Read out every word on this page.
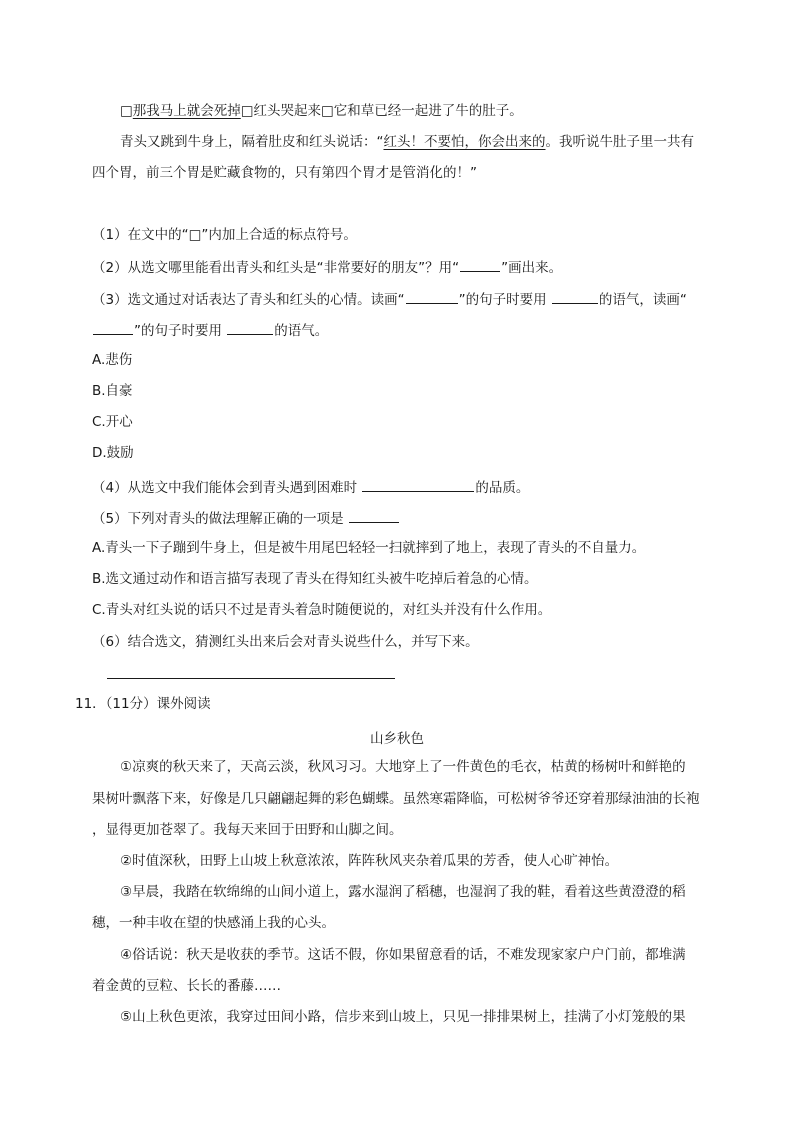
□那我马上就会死掉□红头哭起来□它和草已经一起进了牛的肚子。
青头又跳到牛身上，隔着肚皮和红头说话：“红头！不要怕，你会出来的。我听说牛肚子里一共有
四个胃，前三个胃是贮藏食物的，只有第四个胃才是管消化的！”
（1）在文中的“□”内加上合适的标点符号。
（2）从选文哪里能看出青头和红头是“非常要好的朋友”？用“	”画出来。
（3）选文通过对话表达了青头和红头的心情。读画“	”的句子时要用	的语气，读画“
”的句子时要用	的语气。
A.悲伤
B.自豪
C.开心
D.鼓励
（4）从选文中我们能体会到青头遇到困难时	的品质。
（5）下列对青头的做法理解正确的一项是
A.青头一下子蹦到牛身上，但是被牛用尾巴轻轻一扫就摔到了地上，表现了青头的不自量力。
B.选文通过动作和语言描写表现了青头在得知红头被牛吃掉后着急的心情。
C.青头对红头说的话只不过是青头着急时随便说的，对红头并没有什么作用。
（6）结合选文，猜测红头出来后会对青头说些什么，并写下来。
11．（11分）课外阅读
山乡秋色
①凉爽的秋天来了，天高云淡，秋风习习。大地穿上了一件黄色的毛衣，枯黄的杨树叶和鲜艳的
果树叶飘落下来，好像是几只翩翩起舞的彩色蝴蝶。虽然寒霜降临，可松树爷爷还穿着那绿油油的长袍
，显得更加苍翠了。我每天来回于田野和山脚之间。
②时值深秋，田野上山坡上秋意浓浓，阵阵秋风夹杂着瓜果的芳香，使人心旷神怡。
③早晨，我踏在软绵绵的山间小道上，露水湿润了稻穗，也湿润了我的鞋，看着这些黄澄澄的稻
穗，一种丰收在望的快感涌上我的心头。
④俗话说：秋天是收获的季节。这话不假，你如果留意看的话，不难发现家家户户门前，都堆满
着金黄的豆粒、长长的番藤……
⑤山上秋色更浓，我穿过田间小路，信步来到山坡上，只见一排排果树上，挂满了小灯笼般的果
